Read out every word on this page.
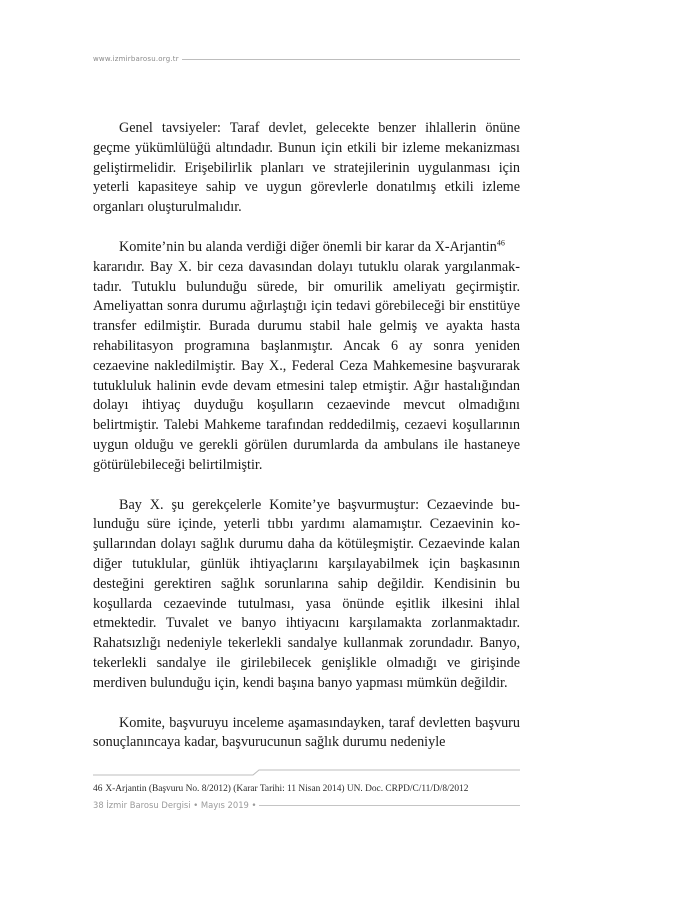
www.izmirbarosu.org.tr

Genel tavsiyeler: Taraf devlet, gelecekte benzer ihlallerin önüne geçme yükümlülüğü altındadır. Bunun için etkili bir izleme mekanizması geliştirmelidir. Erişebilirlik planları ve stratejilerinin uygulanması için yeterli kapasiteye sahip ve uygun görevlerle donatılmış etkili izleme organları oluşturulmalıdır.

Komite’nin bu alanda verdiği diğer önemli bir karar da X-Arjantin$^{46}$
kararıdır. Bay X. bir ceza davasından dolayı tutuklu olarak yargılanmaktadır. Tutuklu bulunduğu sürede, bir omurilik ameliyatı geçirmiştir. Ameliyattan sonra durumu ağırlaştığı için tedavi görebileceği bir enstitüye transfer edilmiştir. Burada durumu stabil hale gelmiş ve ayakta hasta rehabilitasyon programına başlanmıştır. Ancak 6 ay sonra yeniden cezaevine nakledilmiştir. Bay X., Federal Ceza Mahkemesine başvurarak tutukluluk halinin evde devam etmesini talep etmiştir. Ağır hastalığından dolayı ihtiyaç duyduğu koşulların cezaevinde mevcut olmadığını belirtmiştir. Talebi Mahkeme tarafından reddedilmiş, cezaevi koşullarının uygun olduğu ve gerekli görülen durumlarda da ambulans ile hastaneye götürülebileceği belirtilmiştir.

Bay X. şu gerekçelerle Komite’ye başvurmuştur: Cezaevinde bulunduğu süre içinde, yeterli tıbbı yardımı alamamıştır. Cezaevinin koşullarından dolayı sağlık durumu daha da kötüleşmiştir. Cezaevinde kalan diğer tutuklular, günlük ihtiyaçlarını karşılayabilmek için başkasının desteğini gerektiren sağlık sorunlarına sahip değildir. Kendisinin bu koşullarda cezaevinde tutulması, yasa önünde eşitlik ilkesini ihlal etmektedir. Tuvalet ve banyo ihtiyacını karşılamakta zorlanmaktadır. Rahatsızlığı nedeniyle tekerlekli sandalye kullanmak zorundadır. Banyo, tekerlekli sandalye ile girilebilecek genişlikle olmadığı ve girişinde merdiven bulunduğu için, kendi başına banyo yapması mümkün değildir.

Komite, başvuruyu inceleme aşamasındayken, taraf devletten başvuru sonuçlanıncaya kadar, başvurucunun sağlık durumu nedeniyle

46 X-Arjantin (Başvuru No. 8/2012) (Karar Tarihi: 11 Nisan 2014) UN. Doc. CRPD/C/11/D/8/2012
38 İzmir Barosu Dergisi • Mayıs 2019 •
